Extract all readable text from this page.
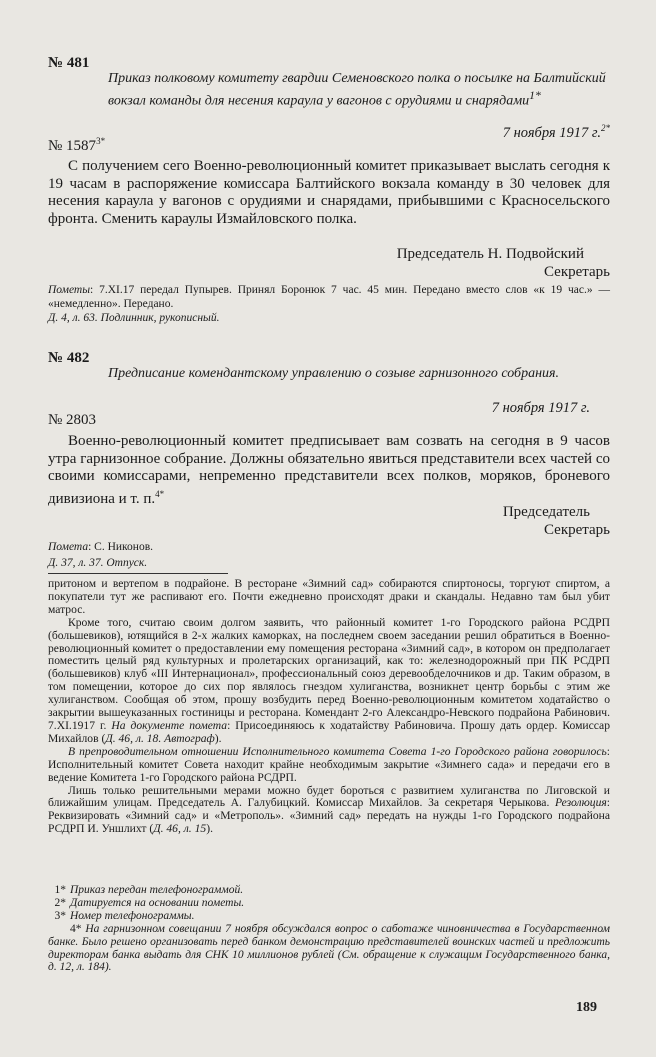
№ 481
Приказ полковому комитету гвардии Семеновского полка о посылке на Балтийский вокзал команды для несения караула у вагонов с орудиями и снарядами$^{1*}$
7 ноября 1917 г.$^{2*}$
№ $1587^{3*}$
С получением сего Военно-революционный комитет приказывает выслать сегодня к 19 часам в распоряжение комиссара Балтийского вокзала команду в 30 человек для несения караула у вагонов с орудиями и снарядами, прибывшими с Красносельского фронта. Сменить караулы Измайловского полка.
Председатель Н. Подвойский
Секретарь
Пометы: 7.XI.17 передал Пупырев. Принял Боронюк 7 час. 45 мин. Передано вместо слов «к 19 час.» — «немедленно». Передано.
Д. 4, л. 63. Подлинник, рукописный.
№ 482
Предписание комендантскому управлению о созыве гарнизонного собрания.
7 ноября 1917 г.
№ 2803
Военно-революционный комитет предписывает вам созвать на сегодня в 9 часов утра гарнизонное собрание. Должны обязательно явиться представители всех частей со своими комиссарами, непременно представители всех полков, моряков, броневого дивизиона и т. п.$^{4*}$
Председатель
Секретарь
Помета: С. Никонов.
Д. 37, л. 37. Отпуск.

притоном и вертепом в подрайоне. В ресторане «Зимний сад» собираются спиртоносы, торгуют спиртом, а покупатели тут же распивают его. Почти ежедневно происходят драки и скандалы. Недавно там был убит матрос.

Кроме того, считаю своим долгом заявить, что районный комитет 1-го Городского района РСДРП (большевиков), ютящийся в 2-х жалких каморках, на последнем своем заседании решил обратиться в Военно-революционный комитет о предоставлении ему помещения ресторана «Зимний сад», в котором он предполагает поместить целый ряд культурных и пролетарских организаций, как то: железнодорожный при ПК РСДРП (большевиков) клуб «III Интернационал», профессиональный союз деревообделочников и др. Таким образом, в том помещении, которое до сих пор являлось гнездом хулиганства, возникнет центр борьбы с этим же хулиганством. Сообщая об этом, прошу возбудить перед Военно-революционным комитетом ходатайство о закрытии вышеуказанных гостиницы и ресторана. Комендант 2-го Александро-Невского подрайона Рабинович. 7.XI.1917 г. На документе помета: Присоединяюсь к ходатайству Рабиновича. Прошу дать ордер. Комиссар Михайлов (Д. 46, л. 18. Автограф).

В препроводительном отношении Исполнительного комитета Совета 1-го Городского района говорилось: Исполнительный комитет Совета находит крайне необходимым закрытие «Зимнего сада» и передачи его в ведение Комитета 1-го Городского района РСДРП.

Лишь только решительными мерами можно будет бороться с развитием хулиганства по Лиговской и ближайшим улицам. Председатель А. Галубицкий. Комиссар Михайлов. За секретаря Черыкова. Резолюция: Реквизировать «Зимний сад» и «Метрополь». «Зимний сад» передать на нужды 1-го Городского подрайона РСДРП И. Уншлихт (Д. 46, л. 15).

1* Приказ передан телефонограммой.
2* Датируется на основании пометы.
3* Номер телефонограммы.
4* На гарнизонном совещании 7 ноября обсуждался вопрос о саботаже чиновничества в Государственном банке. Было решено организовать перед банком демонстрацию представителей воинских частей и предложить директорам банка выдать для СНК 10 миллионов рублей (См. обращение к служащим Государственного банка, д. 12, л. 184).
189
